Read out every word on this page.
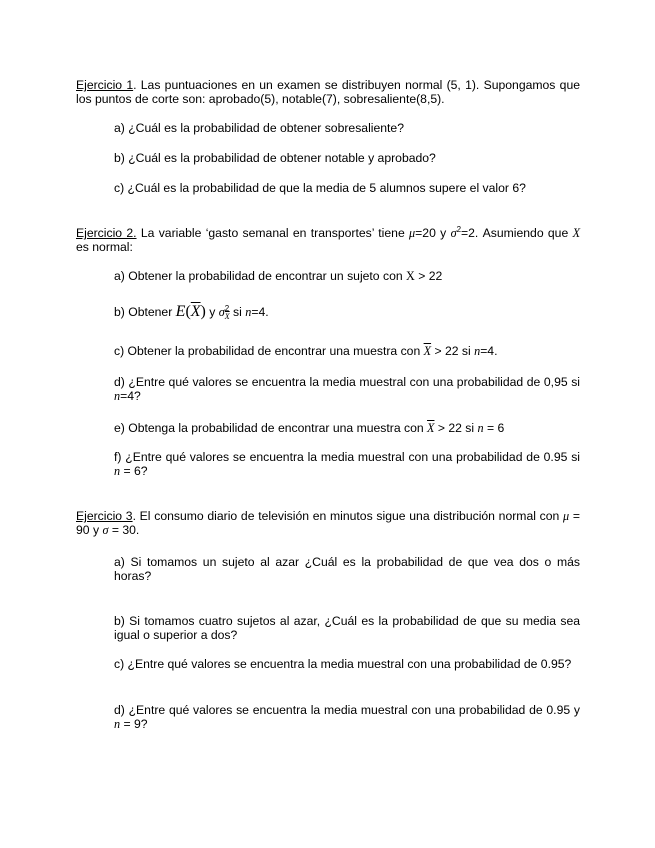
Ejercicio 1. Las puntuaciones en un examen se distribuyen normal (5, 1). Supongamos que los puntos de corte son: aprobado(5), notable(7), sobresaliente(8,5).
a) ¿Cuál es la probabilidad de obtener sobresaliente?
b) ¿Cuál es la probabilidad de obtener notable y aprobado?
c) ¿Cuál es la probabilidad de que la media de 5 alumnos supere el valor 6?
Ejercicio 2. La variable ‘gasto semanal en transportes’ tiene μ=20 y $\sigma^2=2$. Asumiendo que X es normal:
a) Obtener la probabilidad de encontrar un sujeto con X > 22
b) Obtener $E(\overline{X})$ y σ $\frac{2}{X}$ si n=4.
c) Obtener la probabilidad de encontrar una muestra con $\overline{X} > 22$ si n=4.
d) ¿Entre qué valores se encuentra la media muestral con una probabilidad de 0,95 si n=4?
e) Obtenga la probabilidad de encontrar una muestra con $\overline{X} > 22$ si n = 6
f) ¿Entre qué valores se encuentra la media muestral con una probabilidad de 0.95 si n = 6?
Ejercicio 3. El consumo diario de televisión en minutos sigue una distribución normal con μ = 90 y σ = 30.
a) Si tomamos un sujeto al azar ¿Cuál es la probabilidad de que vea dos o más horas?
b) Si tomamos cuatro sujetos al azar, ¿Cuál es la probabilidad de que su media sea igual o superior a dos?
c) ¿Entre qué valores se encuentra la media muestral con una probabilidad de 0.95?
d) ¿Entre qué valores se encuentra la media muestral con una probabilidad de 0.95 y n = 9?
